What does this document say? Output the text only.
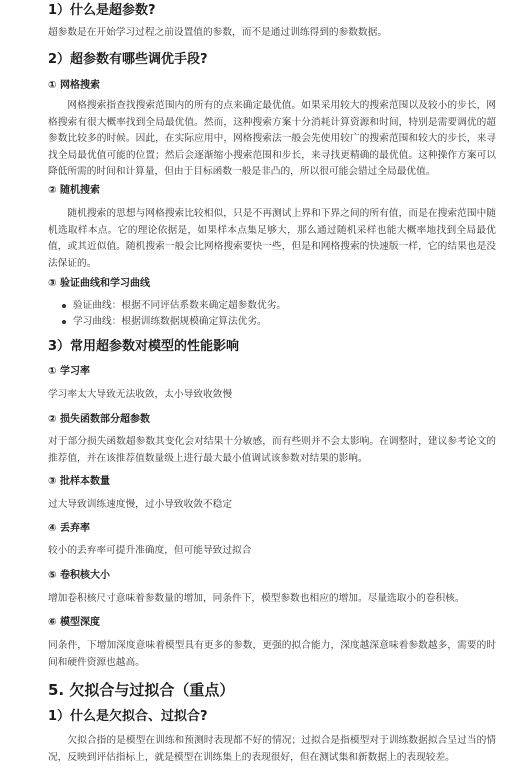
1）什么是超参数?

超参数是在开始学习过程之前设置值的参数，而不是通过训练得到的参数数据。

2）超参数有哪些调优手段?
① 网格搜索

网格搜索指查找搜索范围内的所有的点来确定最优值。如果采用较大的搜索范围以及较小的步长，网格搜索有很大概率找到全局最优值。然而，这种搜索方案十分消耗计算资源和时间，特别是需要调优的超参数比较多的时候。因此，在实际应用中，网格搜索法一般会先使用较广的搜索范围和较大的步长，来寻找全局最优值可能的位置；然后会逐渐缩小搜索范围和步长，来寻找更精确的最优值。这种操作方案可以降低所需的时间和计算量，但由于目标函数一般是非凸的，所以很可能会错过全局最优值。

② 随机搜索

随机搜索的思想与网格搜索比较相似，只是不再测试上界和下界之间的所有值，而是在搜索范围中随机选取样本点。它的理论依据是，如果样本点集足够大，那么通过随机采样也能大概率地找到全局最优值，或其近似值。随机搜索一般会比网格搜索要快一些，但是和网格搜索的快速版一样，它的结果也是没法保证的。

③ 验证曲线和学习曲线
验证曲线：根据不同评估系数来确定超参数优劣。
学习曲线：根据训练数据规模确定算法优劣。
3）常用超参数对模型的性能影响
① 学习率

学习率太大导致无法收敛，太小导致收敛慢

② 损失函数部分超参数

对于部分损失函数超参数其变化会对结果十分敏感，而有些则并不会太影响。在调整时，建议参考论文的推荐值，并在该推荐值数量级上进行最大最小值调试该参数对结果的影响。

③ 批样本数量

过大导致训练速度慢，过小导致收敛不稳定

④ 丢弃率

较小的丢弃率可提升准确度，但可能导致过拟合

⑤ 卷积核大小

增加卷积核尺寸意味着参数量的增加，同条件下，模型参数也相应的增加。尽量选取小的卷积核。

⑥ 模型深度

同条件，下增加深度意味着模型具有更多的参数，更强的拟合能力，深度越深意味着参数越多，需要的时间和硬件资源也越高。

5. 欠拟合与过拟合（重点）
1）什么是欠拟合、过拟合?

欠拟合指的是模型在训练和预测时表现都不好的情况；过拟合是指模型对于训练数据拟合呈过当的情况，反映到评估指标上，就是模型在训练集上的表现很好，但在测试集和新数据上的表现较差。
